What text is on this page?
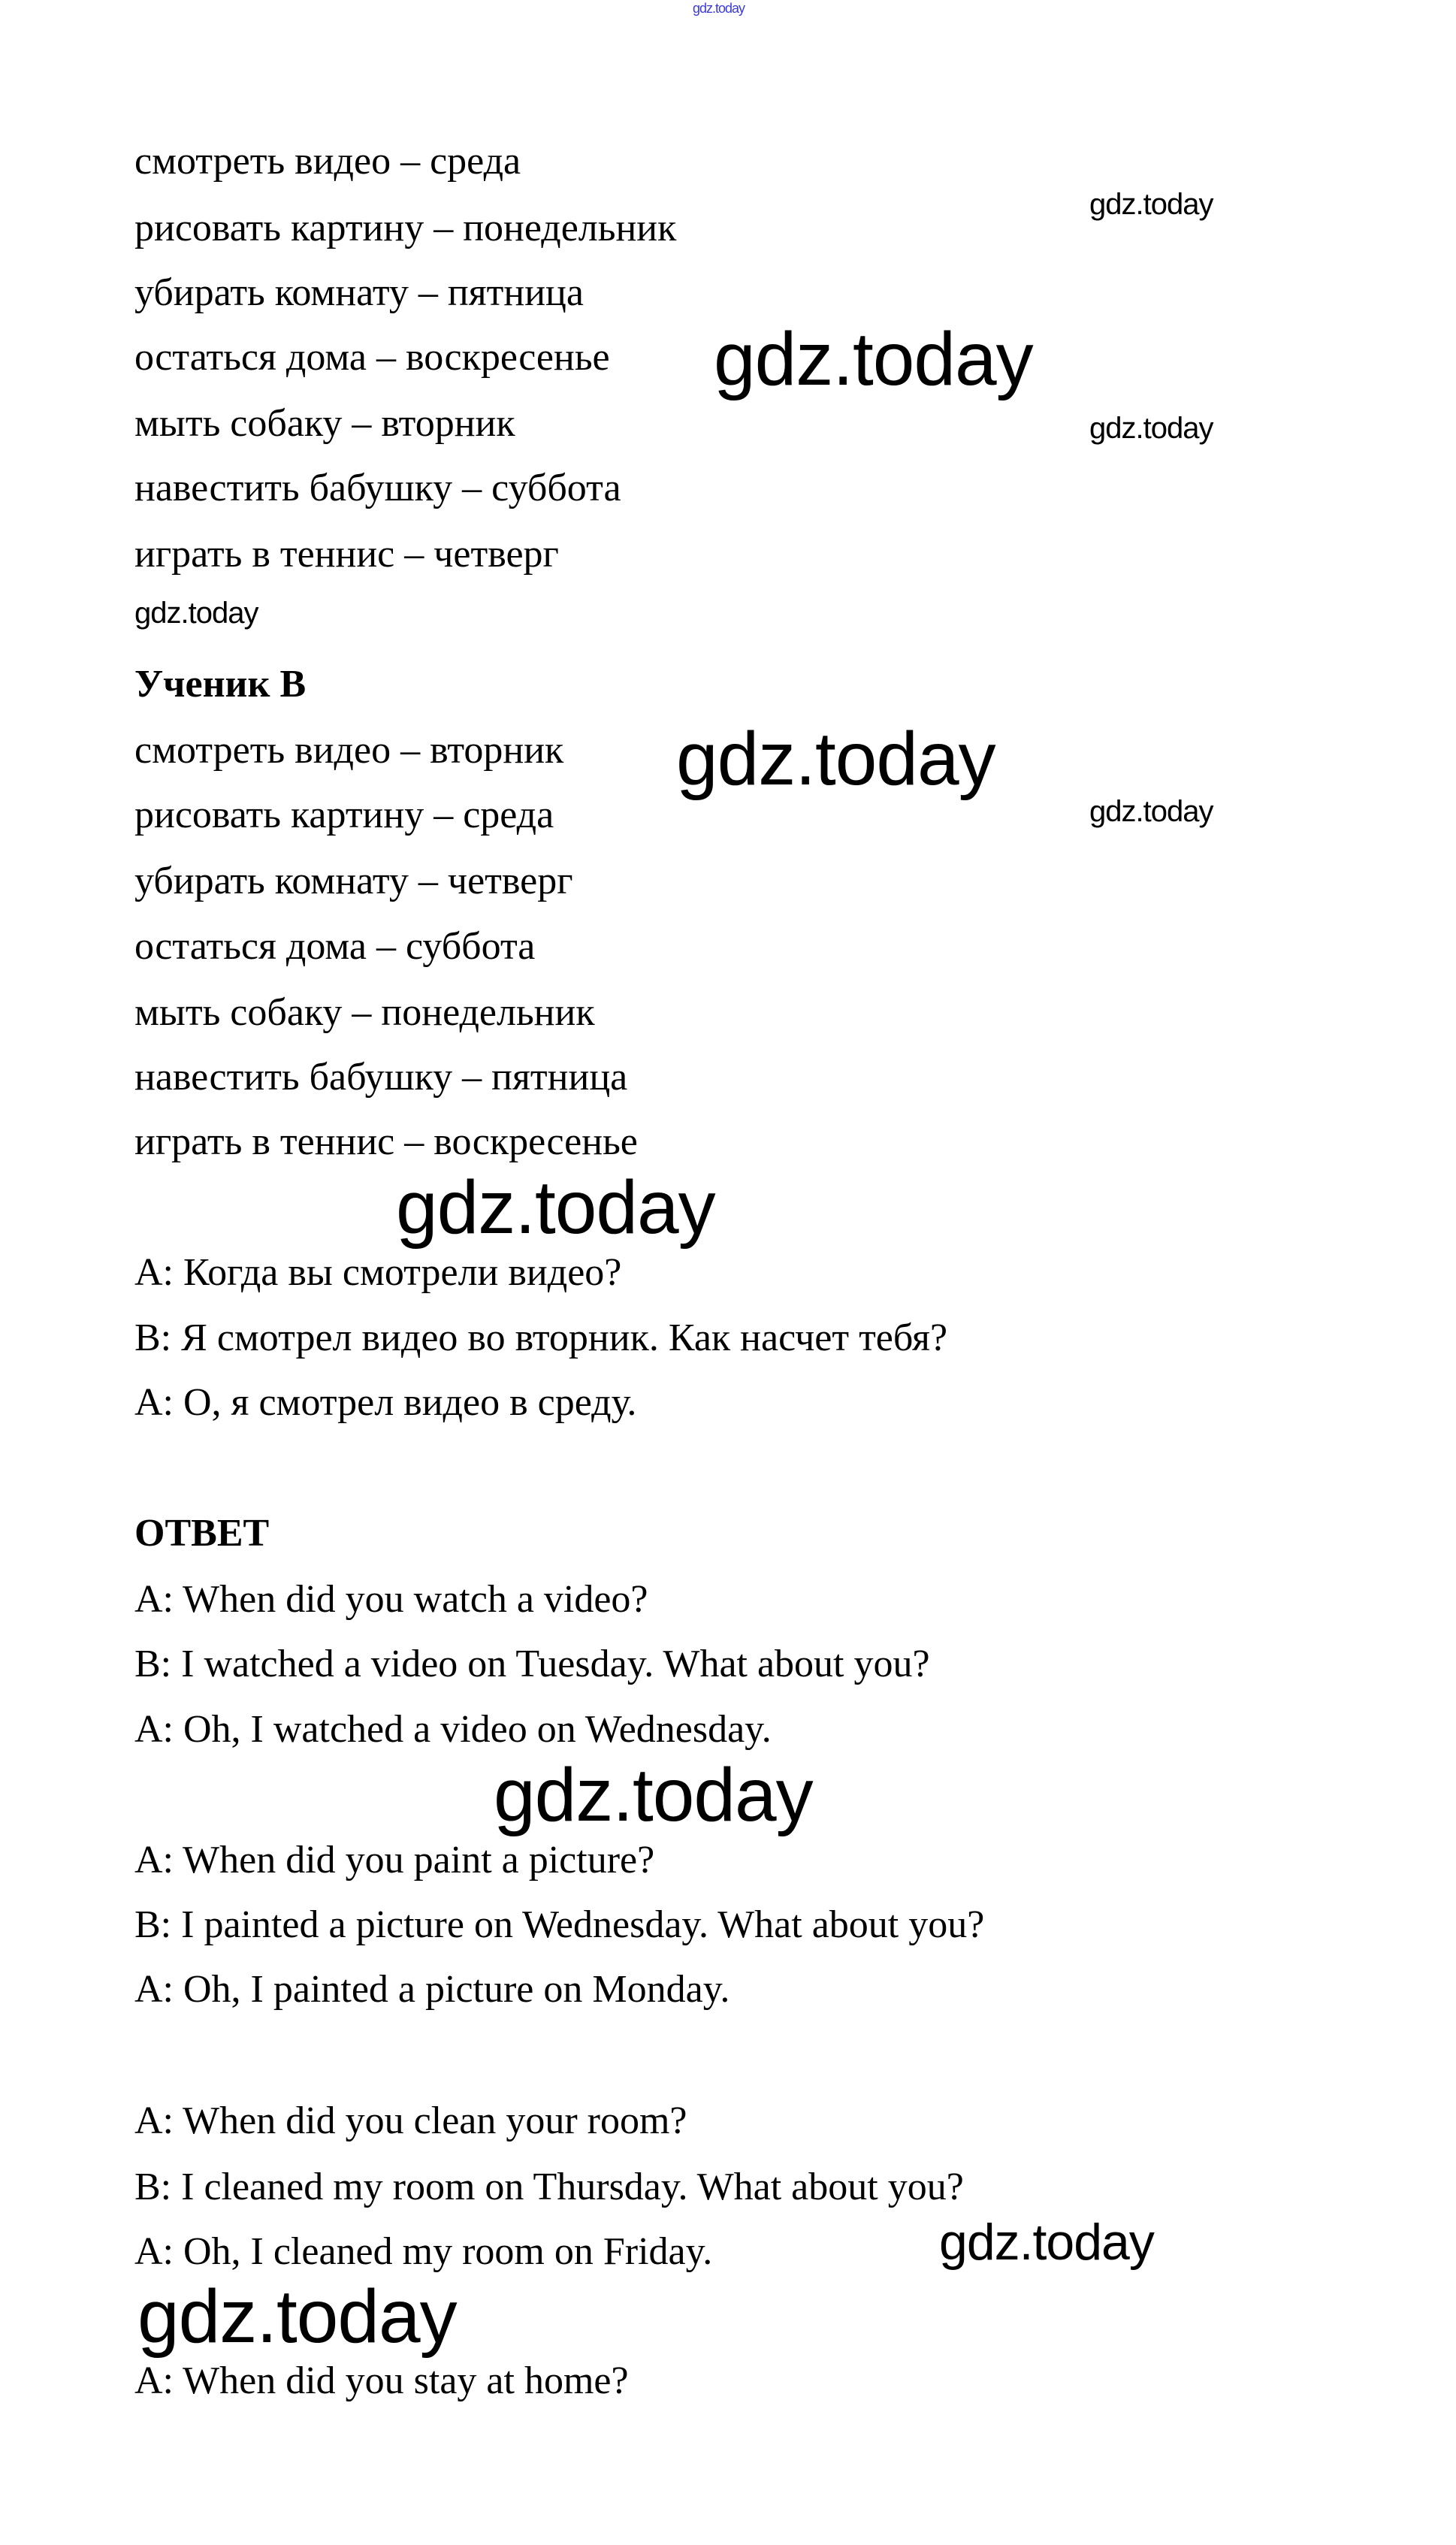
gdz.today
смотреть видео – среда
рисовать картину – понедельник
убирать комнату – пятница
остаться дома – воскресенье
мыть собаку – вторник
навестить бабушку – суббота
играть в теннис – четверг
Ученик B
смотреть видео – вторник
рисовать картину – среда
убирать комнату – четверг
остаться дома – суббота
мыть собаку – понедельник
навестить бабушку – пятница
играть в теннис – воскресенье
A: Когда вы смотрели видео?
B: Я смотрел видео во вторник. Как насчет тебя?
A: О, я смотрел видео в среду.
ОТВЕТ
A: When did you watch a video?
B: I watched a video on Tuesday. What about you?
A: Oh, I watched a video on Wednesday.
A: When did you paint a picture?
B: I painted a picture on Wednesday. What about you?
A: Oh, I painted a picture on Monday.
A: When did you clean your room?
B: I cleaned my room on Thursday. What about you?
A: Oh, I cleaned my room on Friday.
A: When did you stay at home?
gdz.today
gdz.today
gdz.today
gdz.today
gdz.today
gdz.today
gdz.today
gdz.today
gdz.today
gdz.today
